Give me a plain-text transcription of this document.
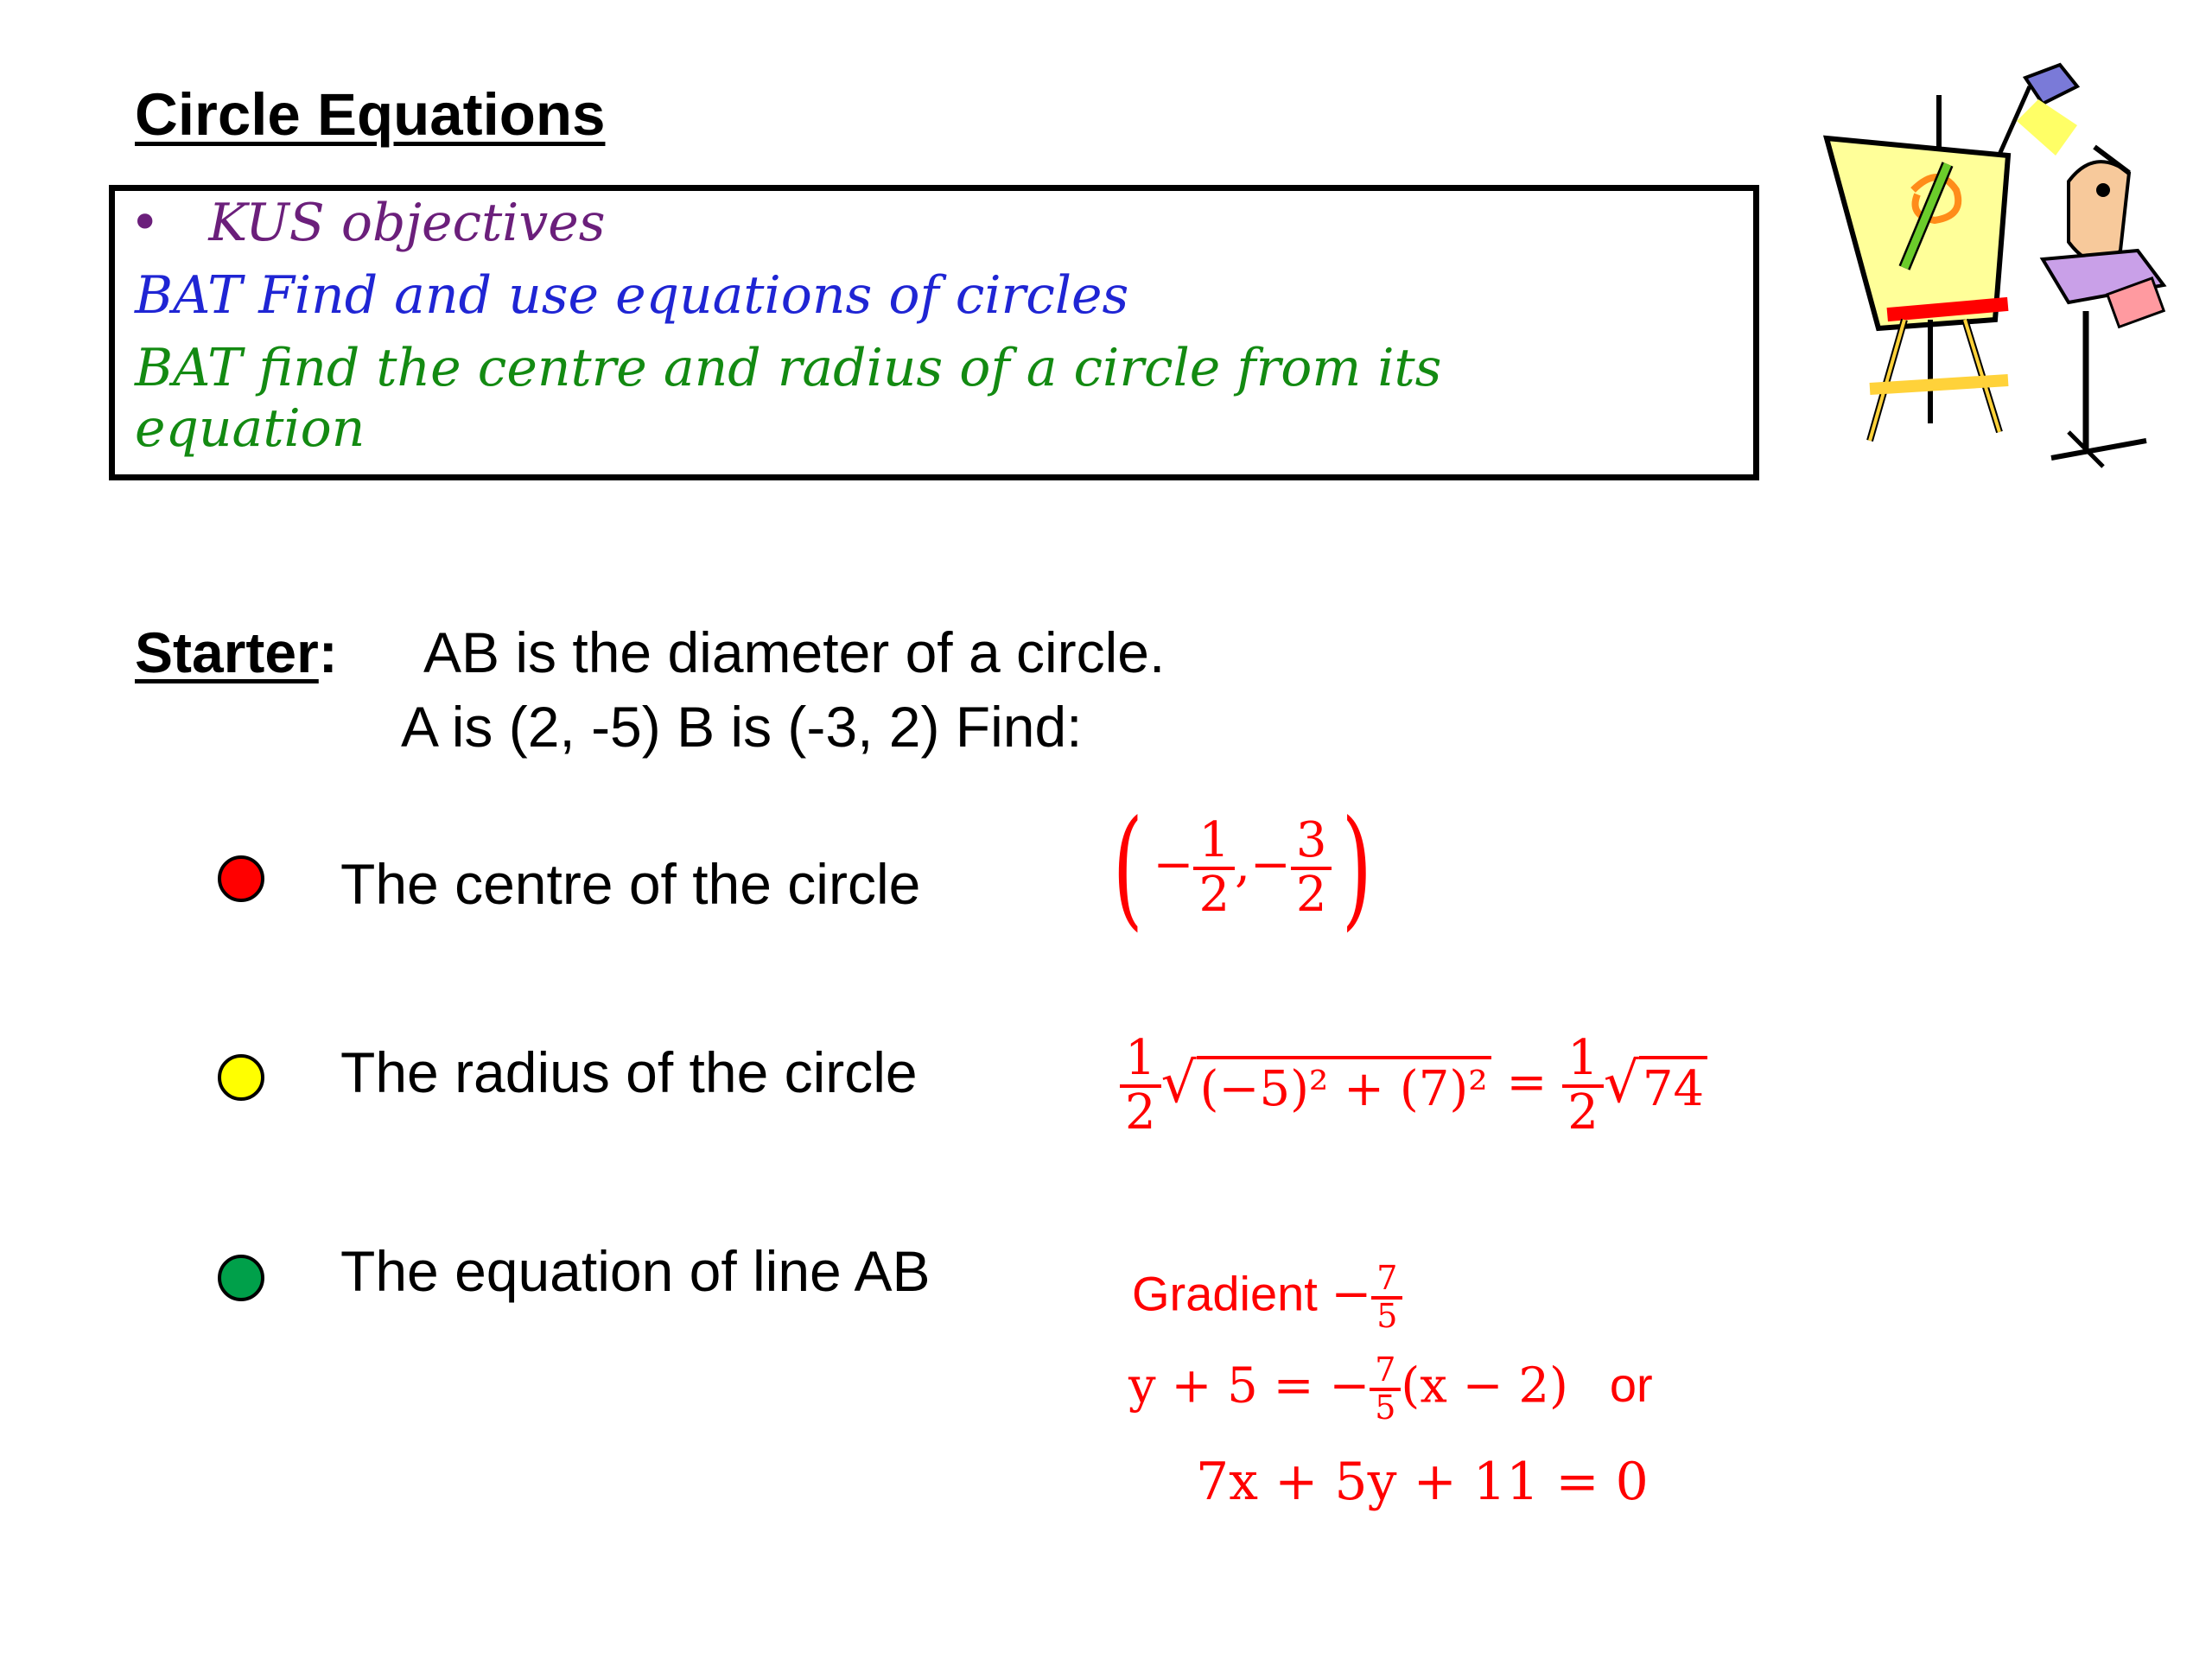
Circle Equations
• KUS objectives
BAT Find and use equations of circles
BAT find the centre and radius of a circle from its
equation
Starter: AB is the diameter of a circle.
A is (2, -5) B is (-3, 2) Find:
The centre of the circle
The radius of the circle
The equation of line AB
( − $\frac{1}{2}$ ,− $\frac{3}{2}$ )
$\frac{1}{2}$ √ $(-5)^2 + (7)^2 = \frac{1}{2}$ √ 74
Gradient − $\frac{7}{5}$
y + 5 = − $\frac{7}{5} (x - 2)$ or
7x + 5y + 11 = 0
